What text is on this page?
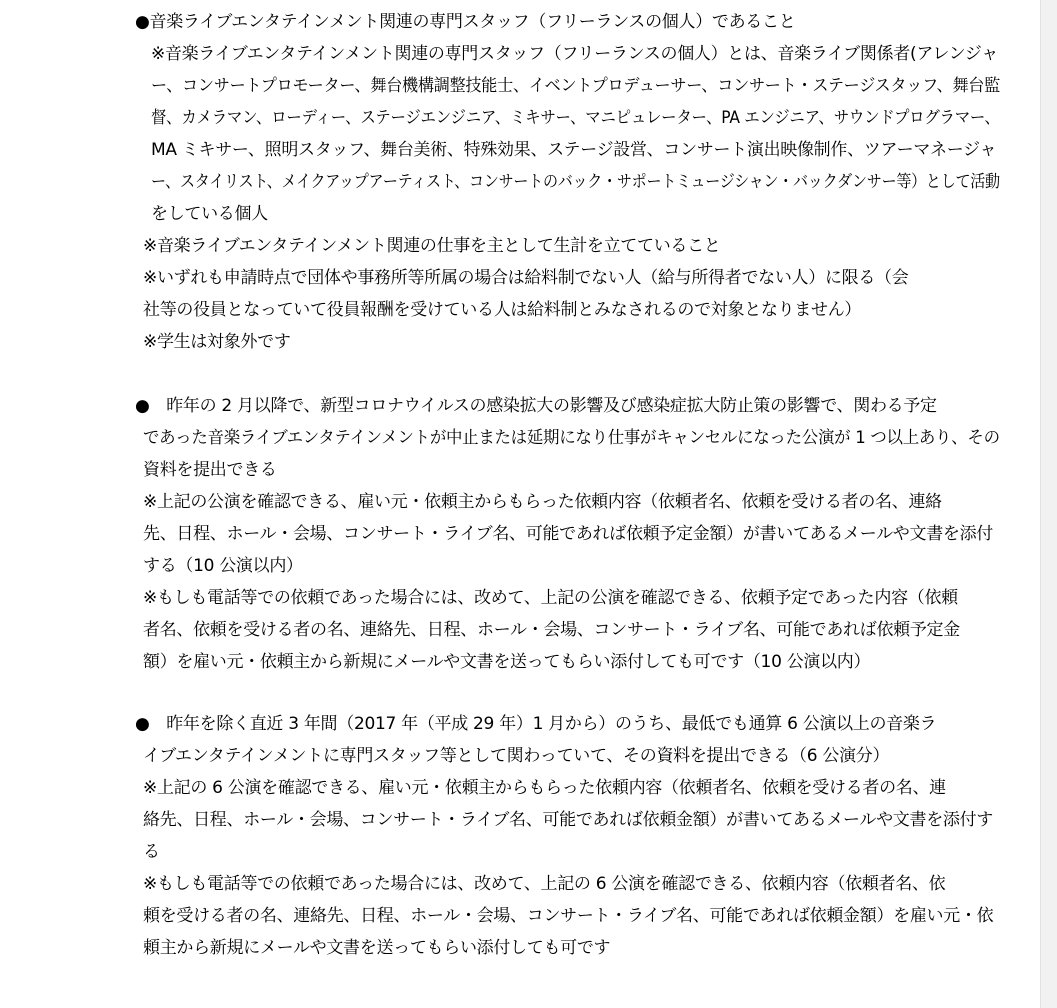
●音楽ライブエンタテインメント関連の専門スタッフ（フリーランスの個人）であること
※音楽ライブエンタテインメント関連の専門スタッフ（フリーランスの個人）とは、音楽ライブ関係者(アレンジャ
ー、コンサートプロモーター、舞台機構調整技能士、イベントプロデューサー、コンサート・ステージスタッフ、舞台監
督、カメラマン、ローディー、ステージエンジニア、ミキサー、マニピュレーター、PA エンジニア、サウンドプログラマー、
MA ミキサー、照明スタッフ、舞台美術、特殊効果、ステージ設営、コンサート演出映像制作、ツアーマネージャ
ー、スタイリスト、メイクアップアーティスト、コンサートのバック・サポートミュージシャン・バックダンサー等）として活動
をしている個人
※音楽ライブエンタテインメント関連の仕事を主として生計を立てていること
※いずれも申請時点で団体や事務所等所属の場合は給料制でない人（給与所得者でない人）に限る（会
社等の役員となっていて役員報酬を受けている人は給料制とみなされるので対象となりません）
※学生は対象外です
●　昨年の 2 月以降で、新型コロナウイルスの感染拡大の影響及び感染症拡大防止策の影響で、関わる予定
であった音楽ライブエンタテインメントが中止または延期になり仕事がキャンセルになった公演が 1 つ以上あり、その
資料を提出できる
※上記の公演を確認できる、雇い元・依頼主からもらった依頼内容（依頼者名、依頼を受ける者の名、連絡
先、日程、ホール・会場、コンサート・ライブ名、可能であれば依頼予定金額）が書いてあるメールや文書を添付
する（10 公演以内）
※もしも電話等での依頼であった場合には、改めて、上記の公演を確認できる、依頼予定であった内容（依頼
者名、依頼を受ける者の名、連絡先、日程、ホール・会場、コンサート・ライブ名、可能であれば依頼予定金
額）を雇い元・依頼主から新規にメールや文書を送ってもらい添付しても可です（10 公演以内）
●　昨年を除く直近 3 年間（2017 年（平成 29 年）1 月から）のうち、最低でも通算 6 公演以上の音楽ラ
イブエンタテインメントに専門スタッフ等として関わっていて、その資料を提出できる（6 公演分）
※上記の 6 公演を確認できる、雇い元・依頼主からもらった依頼内容（依頼者名、依頼を受ける者の名、連
絡先、日程、ホール・会場、コンサート・ライブ名、可能であれば依頼金額）が書いてあるメールや文書を添付す
る
※もしも電話等での依頼であった場合には、改めて、上記の 6 公演を確認できる、依頼内容（依頼者名、依
頼を受ける者の名、連絡先、日程、ホール・会場、コンサート・ライブ名、可能であれば依頼金額）を雇い元・依
頼主から新規にメールや文書を送ってもらい添付しても可です
